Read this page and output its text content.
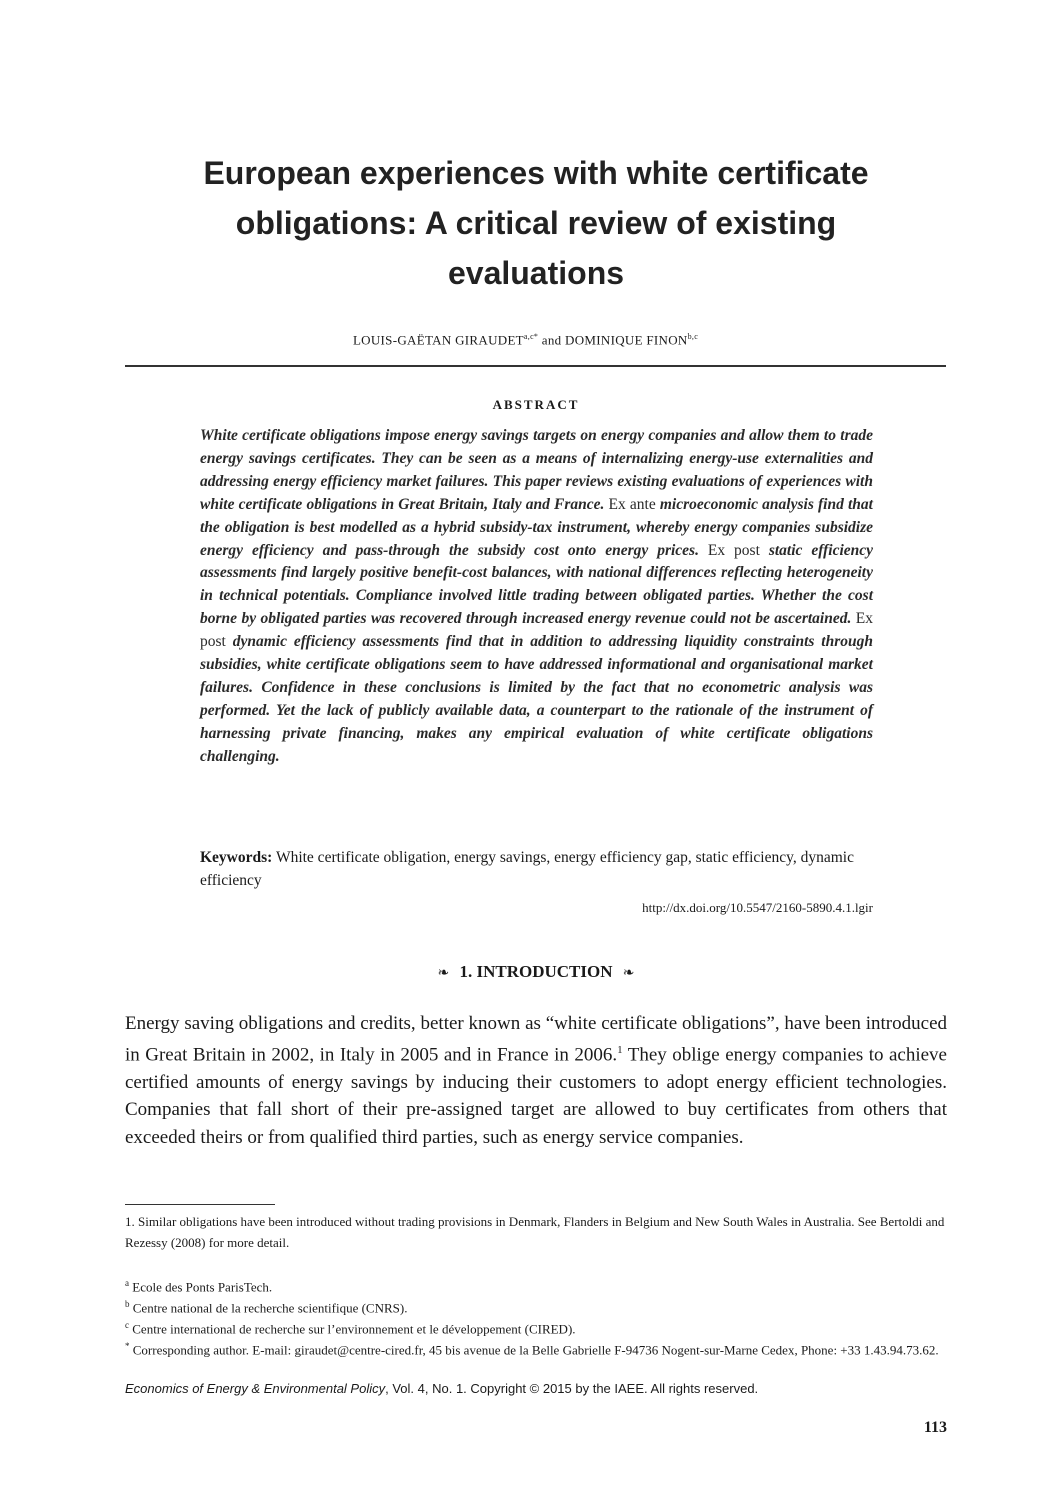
European experiences with white certificate obligations: A critical review of existing evaluations
LOUIS-GAËTAN $GIRAUDET^{a,c*}$ and DOMINIQUE FINON$^{b,c}$
ABSTRACT
White certificate obligations impose energy savings targets on energy companies and allow them to trade energy savings certificates. They can be seen as a means of internalizing energy-use externalities and addressing energy efficiency market failures. This paper reviews existing evaluations of experiences with white certificate obligations in Great Britain, Italy and France. Ex ante microeconomic analysis find that the obligation is best modelled as a hybrid subsidy-tax instrument, whereby energy companies subsidize energy efficiency and pass-through the subsidy cost onto energy prices. Ex post static efficiency assessments find largely positive benefit-cost balances, with national differences reflecting heterogeneity in technical potentials. Compliance involved little trading between obligated parties. Whether the cost borne by obligated parties was recovered through increased energy revenue could not be ascertained. Ex post dynamic efficiency assessments find that in addition to addressing liquidity constraints through subsidies, white certificate obligations seem to have addressed informational and organisational market failures. Confidence in these conclusions is limited by the fact that no econometric analysis was performed. Yet the lack of publicly available data, a counterpart to the rationale of the instrument of harnessing private financing, makes any empirical evaluation of white certificate obligations challenging.
Keywords: White certificate obligation, energy savings, energy efficiency gap, static efficiency, dynamic efficiency
http://dx.doi.org/10.5547/2160-5890.4.1.lgir
❧ 1. INTRODUCTION ❧
Energy saving obligations and credits, better known as “white certificate obligations”, have been introduced in Great Britain in 2002, in Italy in 2005 and in France in 2006.$^1$ They oblige energy companies to achieve certified amounts of energy savings by inducing their customers to adopt energy efficient technologies. Companies that fall short of their pre-assigned target are allowed to buy certificates from others that exceeded theirs or from qualified third parties, such as energy service companies.
1. Similar obligations have been introduced without trading provisions in Denmark, Flanders in Belgium and New South Wales in Australia. See Bertoldi and Rezessy (2008) for more detail.
$^a$ Ecole des Ponts ParisTech.
$^b$ Centre national de la recherche scientifique (CNRS).
$^c$ Centre international de recherche sur l’environnement et le développement (CIRED).
* Corresponding author. E-mail: giraudet@centre-cired.fr, 45 bis avenue de la Belle Gabrielle F-94736 Nogent-sur-Marne Cedex, Phone: +33 1.43.94.73.62.
Economics of Energy & Environmental Policy, Vol. 4, No. 1. Copyright © 2015 by the IAEE. All rights reserved.
113
